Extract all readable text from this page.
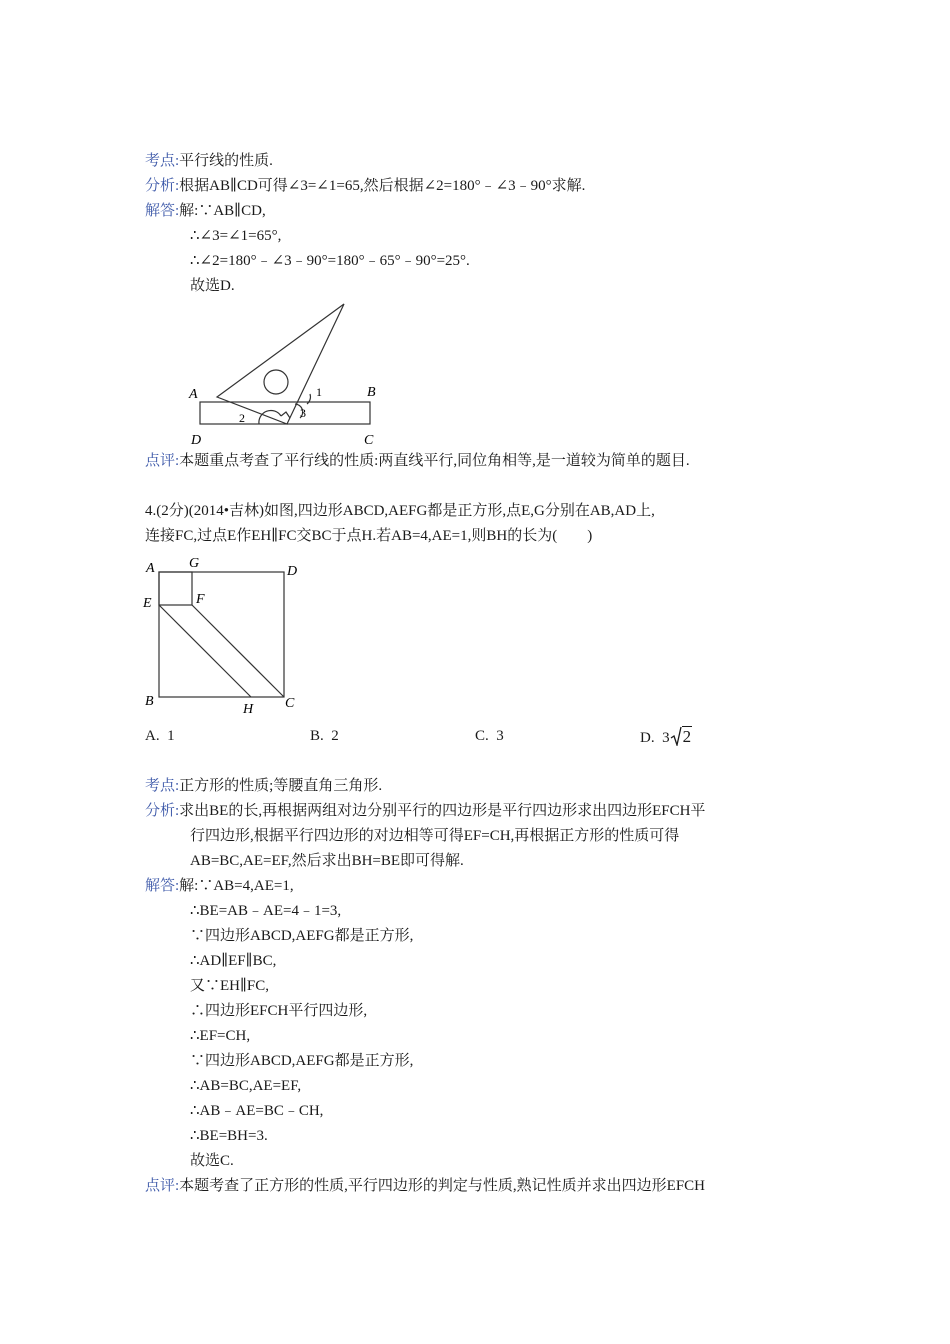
考点:平行线的性质.
分析:根据AB∥CD可得∠3=∠1=65,然后根据∠2=180°﹣∠3﹣90°求解.
解答:解:∵AB∥CD,
∴∠3=∠1=65°,
∴∠2=180°﹣∠3﹣90°=180°﹣65°﹣90°=25°.
故选D.
A	B
D	C
1
2	3
点评:本题重点考查了平行线的性质:两直线平行,同位角相等,是一道较为简单的题目.
4.(2分)(2014•吉林)如图,四边形ABCD,AEFG都是正方形,点E,G分别在AB,AD上,
连接FC,过点E作EH∥FC交BC于点H.若AB=4,AE=1,则BH的长为(　　)
A G
D
E	F
B
H C
A. 1	B. 2	C. 3	D. 3 2
考点:正方形的性质;等腰直角三角形.
分析:求出BE的长,再根据两组对边分别平行的四边形是平行四边形求出四边形EFCH平
行四边形,根据平行四边形的对边相等可得EF=CH,再根据正方形的性质可得
AB=BC,AE=EF,然后求出BH=BE即可得解.
解答:解:∵AB=4,AE=1,
∴BE=AB﹣AE=4﹣1=3,
∵四边形ABCD,AEFG都是正方形,
∴AD∥EF∥BC,
又∵EH∥FC,
∴四边形EFCH平行四边形,
∴EF=CH,
∵四边形ABCD,AEFG都是正方形,
∴AB=BC,AE=EF,
∴AB﹣AE=BC﹣CH,
∴BE=BH=3.
故选C.
点评:本题考查了正方形的性质,平行四边形的判定与性质,熟记性质并求出四边形EFCH
